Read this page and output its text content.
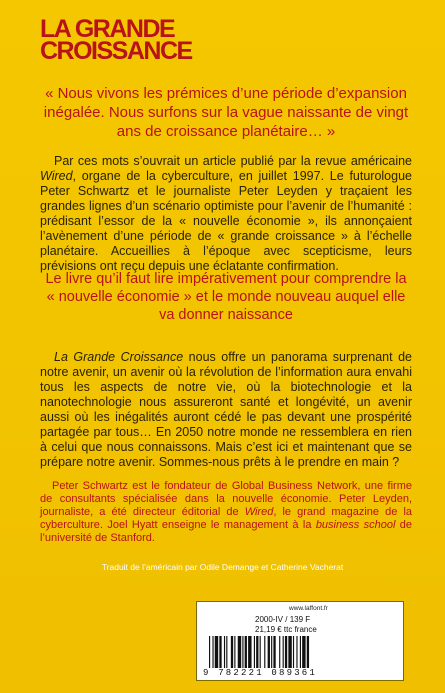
LA GRANDE
CROISSANCE
« Nous vivons les prémices d’une période d’expansion inégalée. Nous surfons sur la vague naissante de vingt ans de croissance planétaire… »
Par ces mots s’ouvrait un article publié par la revue américaine Wired, organe de la cyberculture, en juillet 1997. Le futurologue Peter Schwartz et le journaliste Peter Leyden y traçaient les grandes lignes d’un scénario optimiste pour l’avenir de l’humanité : prédisant l’essor de la « nouvelle économie », ils annonçaient l’avènement d’une période de « grande croissance » à l’échelle planétaire. Accueillies à l’époque avec scepticisme, leurs prévisions ont reçu depuis une éclatante confirmation.
Le livre qu’il faut lire impérativement pour comprendre la « nouvelle économie » et le monde nouveau auquel elle va donner naissance
La Grande Croissance nous offre un panorama surprenant de notre avenir, un avenir où la révolution de l’information aura envahi tous les aspects de notre vie, où la biotechnologie et la nanotechnologie nous assureront santé et longévité, un avenir aussi où les inégalités auront cédé le pas devant une prospérité partagée par tous… En 2050 notre monde ne ressemblera en rien à celui que nous connaissons. Mais c’est ici et maintenant que se prépare notre avenir. Sommes-nous prêts à le prendre en main ?
Peter Schwartz est le fondateur de Global Business Network, une firme de consultants spécialisée dans la nouvelle économie. Peter Leyden, journaliste, a été directeur éditorial de Wired, le grand magazine de la cyberculture. Joel Hyatt enseigne le management à la business school de l’université de Stanford.
Traduit de l’américain par Odile Demange et Catherine Vacherat
www.laffont.fr
2000-IV / 139 F
21,19 € ttc france
9 782221 089361
